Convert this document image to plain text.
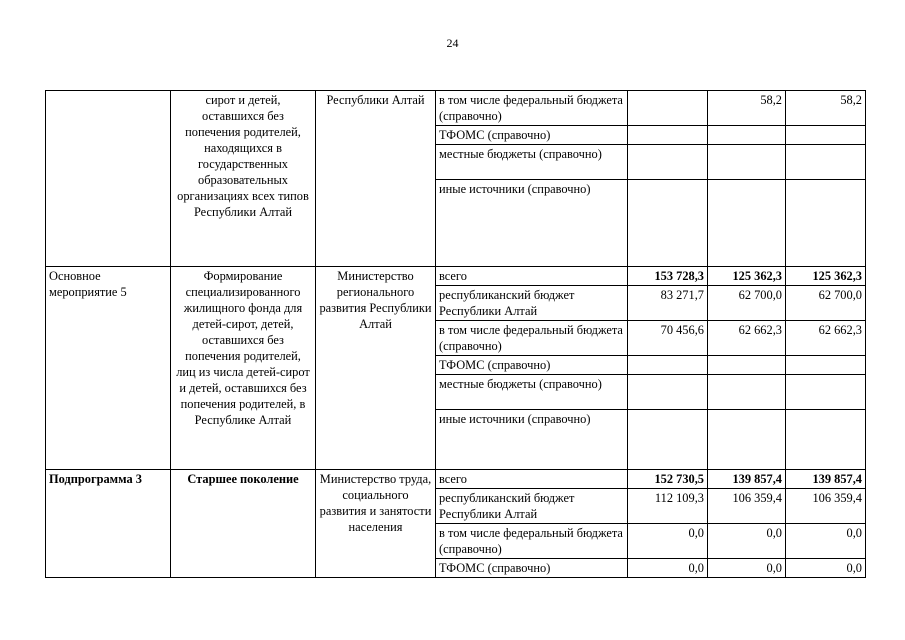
24
	сирот и детей, оставшихся без попечения родителей, находящихся в государственных образовательных организациях всех типов Республики Алтай	Республики Алтай	в том числе федеральный бюджета (справочно)		58,2	58,2
			ТФОМС (справочно)			
			местные бюджеты (справочно)			
			иные источники (справочно)			
Основное мероприятие 5	Формирование специализированного жилищного фонда для детей-сирот, детей, оставшихся без попечения родителей, лиц из числа детей-сирот и детей, оставшихся без попечения родителей, в Республике Алтай	Министерство регионального развития Республики Алтай	всего	153 728,3	125 362,3	125 362,3
			республиканский бюджет Республики Алтай	83 271,7	62 700,0	62 700,0
			в том числе федеральный бюджета (справочно)	70 456,6	62 662,3	62 662,3
			ТФОМС (справочно)			
			местные бюджеты (справочно)			
			иные источники (справочно)			
Подпрограмма 3	Старшее поколение	Министерство труда, социального развития и занятости населения	всего	152 730,5	139 857,4	139 857,4
			республиканский бюджет Республики Алтай	112 109,3	106 359,4	106 359,4
			в том числе федеральный бюджета (справочно)	0,0	0,0	0,0
			ТФОМС (справочно)	0,0	0,0	0,0
